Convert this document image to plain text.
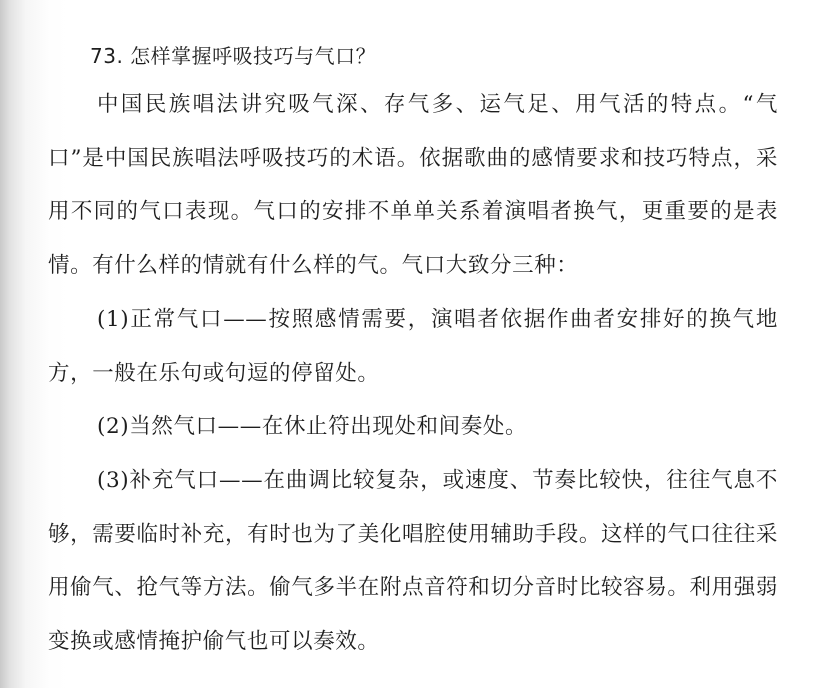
73. 怎样掌握呼吸技巧与气口？

中国民族唱法讲究吸气深、存气多、运气足、用气活的特点。“气口”是中国民族唱法呼吸技巧的术语。依据歌曲的感情要求和技巧特点，采用不同的气口表现。气口的安排不单单关系着演唱者换气，更重要的是表情。有什么样的情就有什么样的气。气口大致分三种：

(1)正常气口——按照感情需要，演唱者依据作曲者安排好的换气地方，一般在乐句或句逗的停留处。

(2)当然气口——在休止符出现处和间奏处。

(3)补充气口——在曲调比较复杂，或速度、节奏比较快，往往气息不够，需要临时补充，有时也为了美化唱腔使用辅助手段。这样的气口往往采用偷气、抢气等方法。偷气多半在附点音符和切分音时比较容易。利用强弱变换或感情掩护偷气也可以奏效。
